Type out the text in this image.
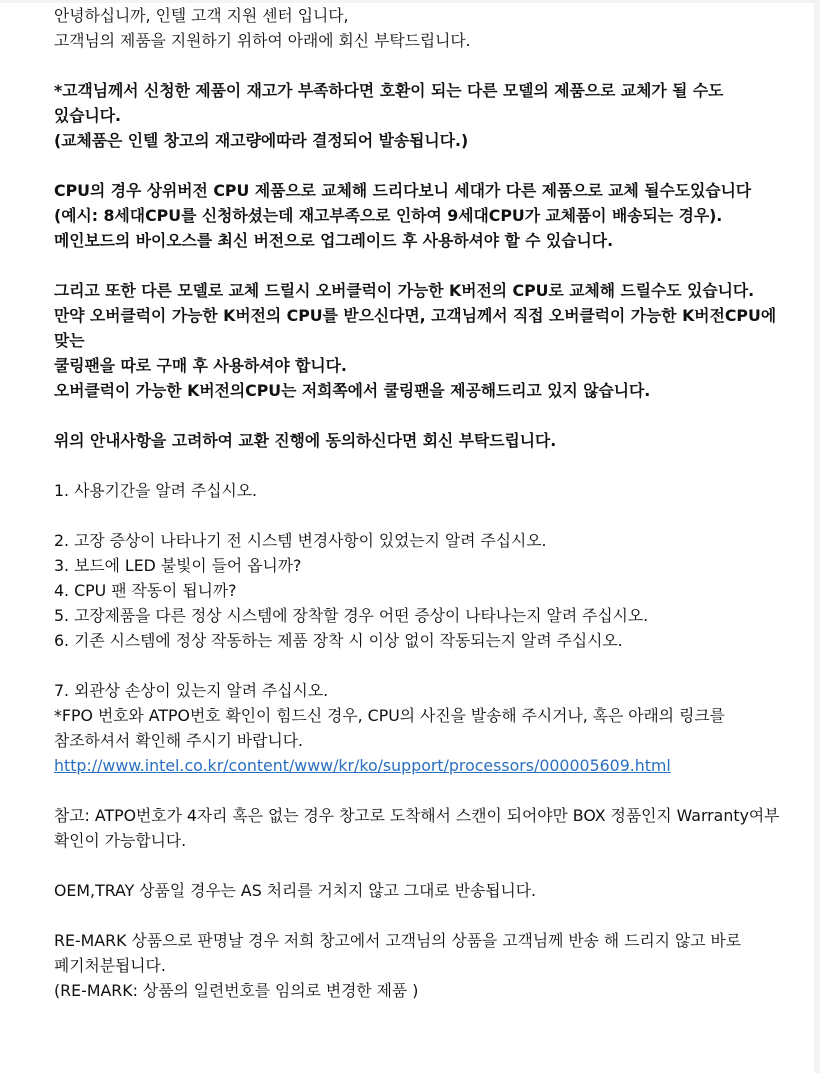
안녕하십니까, 인텔 고객 지원 센터 입니다,
고객님의 제품을 지원하기 위하여 아래에 회신 부탁드립니다.
*고객님께서 신청한 제품이 재고가 부족하다면 호환이 되는 다른 모델의 제품으로 교체가 될 수도 있습니다.
(교체품은 인텔 창고의 재고량에따라 결정되어 발송됩니다.)
CPU의 경우 상위버전 CPU 제품으로 교체해 드리다보니 세대가 다른 제품으로 교체 될수도있습니다
(예시: 8세대CPU를 신청하셨는데 재고부족으로 인하여 9세대CPU가 교체품이 배송되는 경우).
메인보드의 바이오스를 최신 버전으로 업그레이드 후 사용하셔야 할 수 있습니다.
그리고 또한 다른 모델로 교체 드릴시 오버클럭이 가능한 K버전의 CPU로 교체해 드릴수도 있습니다.
만약 오버클럭이 가능한 K버전의 CPU를 받으신다면, 고객님께서 직접 오버클럭이 가능한 K버전CPU에 맞는
쿨링팬을 따로 구매 후 사용하셔야 합니다.
오버클럭이 가능한 K버전의CPU는 저희쪽에서 쿨링팬을 제공해드리고 있지 않습니다.
위의 안내사항을 고려하여 교환 진행에 동의하신다면 회신 부탁드립니다.
1. 사용기간을 알려 주십시오.
2. 고장 증상이 나타나기 전 시스템 변경사항이 있었는지 알려 주십시오.
3. 보드에 LED 불빛이 들어 옵니까?
4. CPU 팬 작동이 됩니까?
5. 고장제품을 다른 정상 시스템에 장착할 경우 어떤 증상이 나타나는지 알려 주십시오.
6. 기존 시스템에 정상 작동하는 제품 장착 시 이상 없이 작동되는지 알려 주십시오.
7. 외관상 손상이 있는지 알려 주십시오.
*FPO 번호와 ATPO번호 확인이 힘드신 경우, CPU의 사진을 발송해 주시거나, 혹은 아래의 링크를 참조하셔서 확인해 주시기 바랍니다.
http://www.intel.co.kr/content/www/kr/ko/support/processors/000005609.html
참고: ATPO번호가 4자리 혹은 없는 경우 창고로 도착해서 스캔이 되어야만 BOX 정품인지 Warranty여부 확인이 가능합니다.
OEM,TRAY 상품일 경우는 AS 처리를 거치지 않고 그대로 반송됩니다.
RE-MARK 상품으로 판명날 경우 저희 창고에서 고객님의 상품을 고객님께 반송 해 드리지 않고 바로 폐기처분됩니다.
(RE-MARK: 상품의 일련번호를 임의로 변경한 제품 )
